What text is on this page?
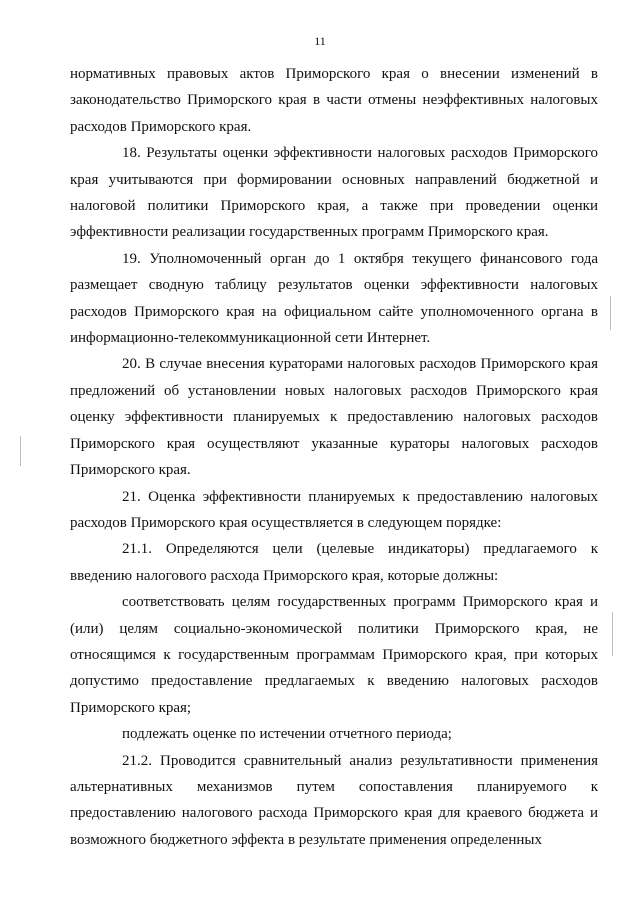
11

нормативных правовых актов Приморского края о внесении изменений в законодательство Приморского края в части отмены неэффективных налоговых расходов Приморского края.

18. Результаты оценки эффективности налоговых расходов Приморского края учитываются при формировании основных направлений бюджетной и налоговой политики Приморского края, а также при проведении оценки эффективности реализации государственных программ Приморского края.

19. Уполномоченный орган до 1 октября текущего финансового года размещает сводную таблицу результатов оценки эффективности налоговых расходов Приморского края на официальном сайте уполномоченного органа в информационно-телекоммуникационной сети Интернет.

20. В случае внесения кураторами налоговых расходов Приморского края предложений об установлении новых налоговых расходов Приморского края оценку эффективности планируемых к предоставлению налоговых расходов Приморского края осуществляют указанные кураторы налоговых расходов Приморского края.

21. Оценка эффективности планируемых к предоставлению налоговых расходов Приморского края осуществляется в следующем порядке:

21.1. Определяются цели (целевые индикаторы) предлагаемого к введению налогового расхода Приморского края, которые должны:

соответствовать целям государственных программ Приморского края и (или) целям социально-экономической политики Приморского края, не относящимся к государственным программам Приморского края, при которых допустимо предоставление предлагаемых к введению налоговых расходов Приморского края;

подлежать оценке по истечении отчетного периода;

21.2. Проводится сравнительный анализ результативности применения альтернативных механизмов путем сопоставления планируемого к предоставлению налогового расхода Приморского края для краевого бюджета и возможного бюджетного эффекта в результате применения определенных
